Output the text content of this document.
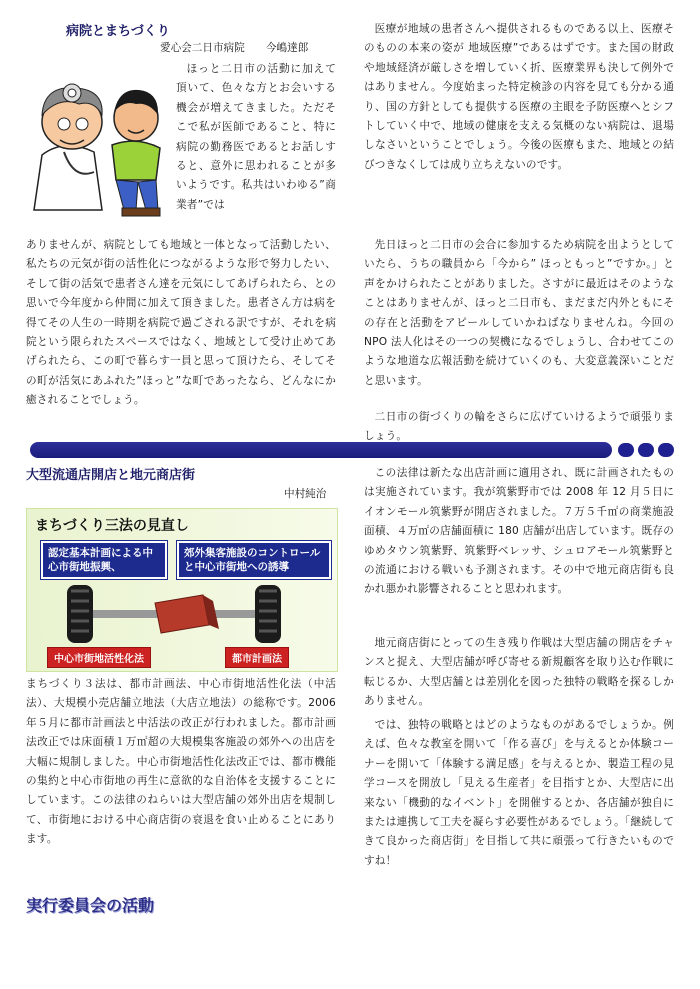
病院とまちづくり
愛心会二日市病院　　今嶋達郎

ほっと二日市の活動に加えて頂いて、色々な方とお会いする機会が増えてきました。ただそこで私が医師であること、特に病院の勤務医であるとお話しすると、意外に思われることが多いようです。私共はいわゆる”商業者”では

ありませんが、病院としても地域と一体となって活動したい、私たちの元気が街の活性化につながるような形で努力したい、そして街の活気で患者さん達を元気にしてあげられたら、との思いで今年度から仲間に加えて頂きました。患者さん方は病を得てその人生の一時期を病院で過ごされる訳ですが、それを病院という限られたスペースではなく、地域として受け止めてあげられたら、この町で暮らす一員と思って頂けたら、そしてその町が活気にあふれた”ほっと”な町であったなら、どんなにか癒されることでしょう。

医療が地域の患者さんへ提供されるものである以上、医療そのものの本来の姿が 地域医療”であるはずです。また国の財政や地域経済が厳しさを増していく折、医療業界も決して例外ではありません。今度始まった特定検診の内容を見ても分かる通り、国の方針としても提供する医療の主眼を予防医療へとシフトしていく中で、地域の健康を支える気概のない病院は、退場しなさいということでしょう。今後の医療もまた、地域との結びつきなくしては成り立ちえないのです。

先日ほっと二日市の会合に参加するため病院を出ようとしていたら、うちの職員から「今から” ほっともっと”ですか。」と声をかけられたことがありました。さすがに最近はそのようなことはありませんが、ほっと二日市も、まだまだ内外ともにその存在と活動をアピールしていかねばなりませんね。今回の NPO 法人化はその一つの契機になるでしょうし、合わせてこのような地道な広報活動を続けていくのも、大変意義深いことだと思います。

二日市の街づくりの輪をさらに広げていけるようで頑張りましょう。

大型流通店開店と地元商店街
中村純治
まちづくり三法の見直し
認定基本計画による中心市街地振興、
郊外集客施設のコントロールと中心市街地への誘導
中心市街地活性化法	都市計画法

まちづくり３法は、都市計画法、中心市街地活性化法（中活法）、大規模小売店舗立地法（大店立地法）の総称です。2006 年５月に都市計画法と中活法の改正が行われました。都市計画法改正では床面積１万㎡超の大規模集客施設の郊外への出店を大幅に規制しました。中心市街地活性化法改正では、都市機能の集約と中心市街地の再生に意欲的な自治体を支援することにしています。この法律のねらいは大型店舗の郊外出店を規制して、市街地における中心商店街の衰退を食い止めることにあります。

この法律は新たな出店計画に適用され、既に計画されたものは実施されています。我が筑紫野市では 2008 年 12 月５日にイオンモール筑紫野が開店されました。７万５千㎡の商業施設面積、４万㎡の店舗面積に 180 店舗が出店しています。既存のゆめタウン筑紫野、筑紫野ベレッサ、シュロアモール筑紫野との流通における戦いも予測されます。その中で地元商店街も良かれ悪かれ影響されることと思われます。

地元商店街にとっての生き残り作戦は大型店舗の開店をチャンスと捉え、大型店舗が呼び寄せる新規顧客を取り込む作戦に転じるか、大型店舗とは差別化を図った独特の戦略を探るしかありません。

では、独特の戦略とはどのようなものがあるでしょうか。例えば、色々な教室を開いて「作る喜び」を与えるとか体験コーナーを開いて「体験する満足感」を与えるとか、製造工程の見学コースを開放し「見える生産者」を目指すとか、大型店に出来ない「機動的なイベント」を開催するとか、各店舗が独自にまたは連携して工夫を凝らす必要性があるでしょう。「継続してきて良かった商店街」を目指して共に頑張って行きたいものですね！

実行委員会の活動
